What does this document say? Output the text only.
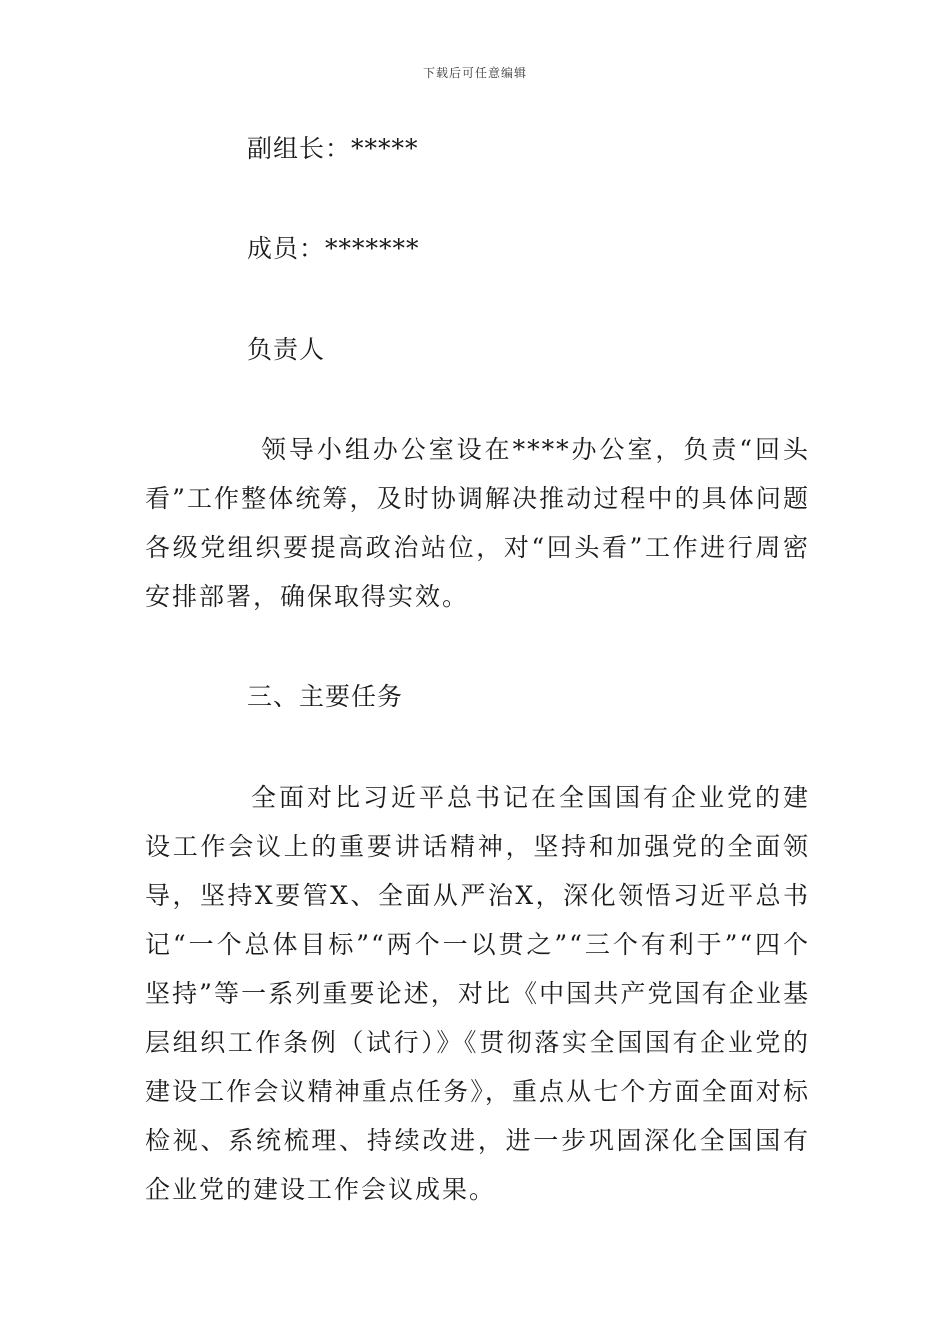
下载后可任意编辑
副组长：*****
成员：*******
负责人
领导小组办公室设在****办公室，负责“回头看”工作整体统筹，及时协调解决推动过程中的具体问题各级党组织要提高政治站位，对“回头看”工作进行周密安排部署，确保取得实效。
三、主要任务
全面对比习近平总书记在全国国有企业党的建设工作会议上的重要讲话精神，坚持和加强党的全面领导，坚持X要管X、全面从严治X，深化领悟习近平总书记“一个总体目标”“两个一以贯之”“三个有利于”“四个坚持”等一系列重要论述，对比《中国共产党国有企业基层组织工作条例（试行）》《贯彻落实全国国有企业党的建设工作会议精神重点任务》，重点从七个方面全面对标检视、系统梳理、持续改进，进一步巩固深化全国国有企业党的建设工作会议成果。
